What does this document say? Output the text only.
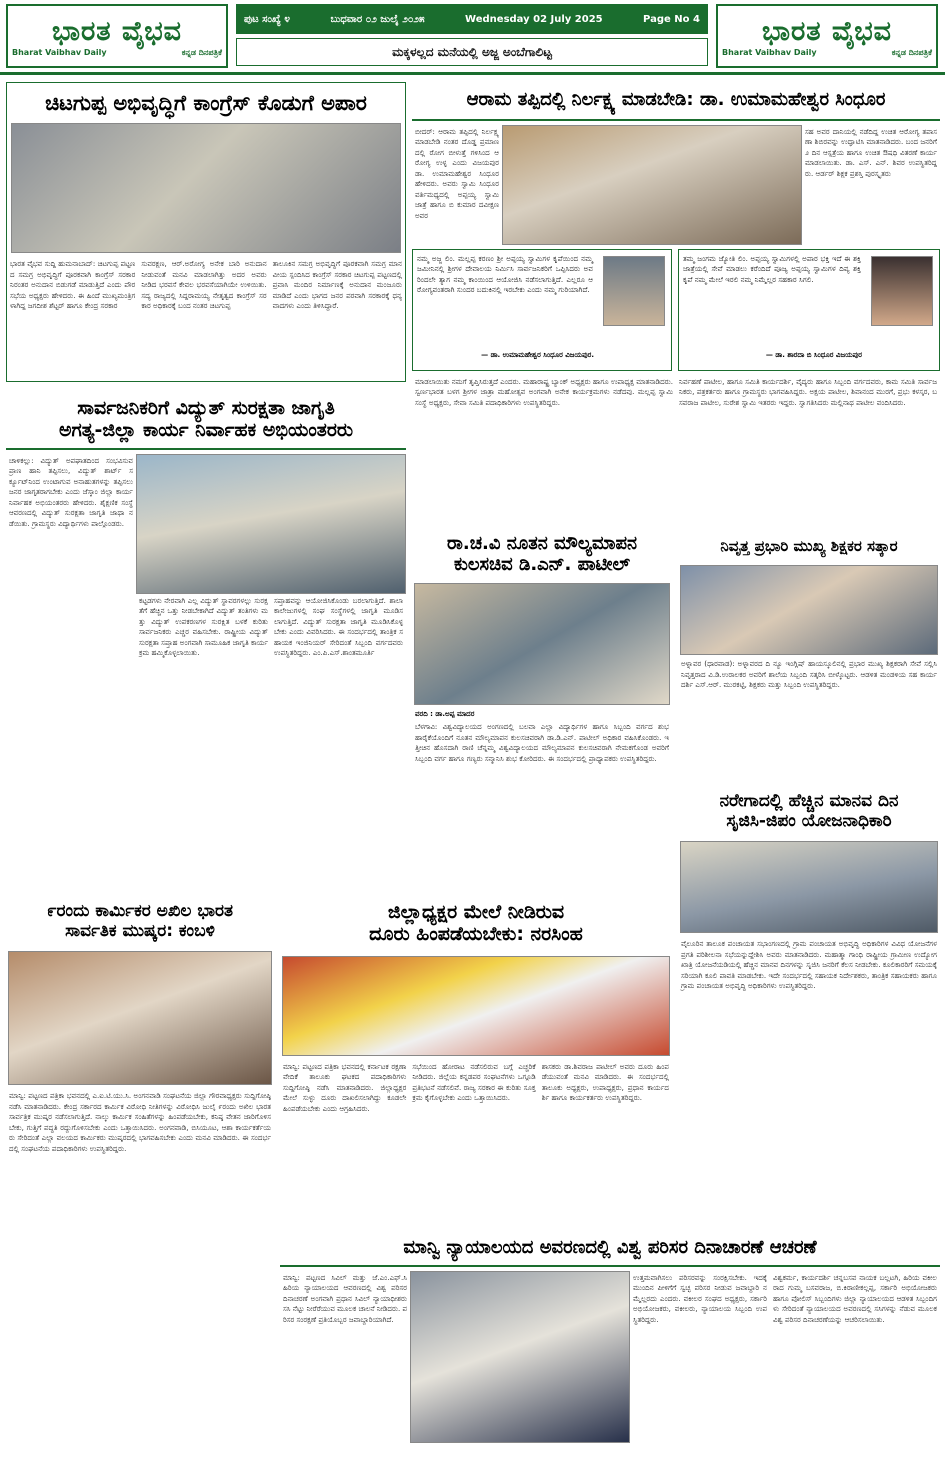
ಭಾರತ ವೈಭವ
Bharat Vaibhav Daily	ಕನ್ನಡ ದಿನಪತ್ರಿಕೆ
ಪುಟ ಸಂಖ್ಯೆ ೪	ಬುಧವಾರ ೦೨ ಜುಲೈ ೨೦೨೫	Wednesday 02 July 2025	Page No 4
ಮಕ್ಕಳಲ್ಲದ ಮನೆಯಲ್ಲಿ ಅಜ್ಜ ಅಂಬೆಗಾಲಿಟ್ಟ
ಭಾರತ ವೈಭವ
Bharat Vaibhav Daily	ಕನ್ನಡ ದಿನಪತ್ರಿಕೆ
ಚಿಟಗುಪ್ಪ ಅಭಿವೃದ್ಧಿಗೆ ಕಾಂಗ್ರೆಸ್ ಕೊಡುಗೆ ಅಪಾರ
ಭಾರತ ವೈಭವ ಸುದ್ದಿ ಹುಮನಾಬಾದ್: ಚಿಟಗುಪ್ಪ ಪಟ್ಟಣದ ಸಮಗ್ರ ಅಭಿವೃದ್ಧಿಗೆ ಪೂರಕವಾಗಿ ಕಾಂಗ್ರೆಸ್ ಸರಕಾರ ನಿರಂತರ ಅನುದಾನ ಬಿಡುಗಡೆ ಮಾಡುತ್ತಿದೆ ಎಂದು ಪೌರ ಸಭೆಯ ಅಧ್ಯಕ್ಷರು ಹೇಳಿದರು. ಈ ಹಿಂದೆ ಮುಖ್ಯಮಂತ್ರಿಗಳಾಗಿದ್ದ ಜಗದೀಶ ಶೆಟ್ಟರ್ ಹಾಗೂ ಕೇಂದ್ರ ಸರಕಾರ
ಸುವರಕ್ಷಣ, ಆರ್.ಅರೋಗ್ಯ ಅನೇಕ ಬಾರಿ ಅನುದಾನ ನೀಡುವಂತೆ ಮನವಿ ಮಾಡಲಾಗಿತ್ತು ಅದರ ಅವರು ನೀಡಿದ ಭರವಸೆ ಕೇವಲ ಭರವಸೆಯಾಗಿಯೇ ಉಳಿಯಿತು. ಸದ್ಯ ರಾಜ್ಯದಲ್ಲಿ ಸಿದ್ದರಾಮಯ್ಯ ನೇತೃತ್ವದ ಕಾಂಗ್ರೆಸ್ ಸರಕಾರ ಅಧಿಕಾರಕ್ಕೆ ಬಂದ ನಂತರ ಚಿಟಗುಪ್ಪ
ತಾಲೂಕಿನ ಸಮಗ್ರ ಅಭಿವೃದ್ಧಿಗೆ ಪೂರಕವಾಗಿ ಸಮಗ್ರ ಮಾನವೀಯ ಸ್ಪಂದಿಸಿದ ಕಾಂಗ್ರೆಸ್ ಸರಕಾರ ಚಿಟಗುಪ್ಪ ಪಟ್ಟಣದಲ್ಲಿ ಪ್ರವಾಸಿ ಮಂದಿರ ನಿರ್ಮಾಣಕ್ಕೆ ಅನುದಾನ ಮಂಜೂರು ಮಾಡಿದೆ ಎಂದು ಭಾಗದ ಜನರ ಪರವಾಗಿ ಸರಕಾರಕ್ಕೆ ಧನ್ಯವಾದಗಳು ಎಂದು ತಿಳಿಸಿದ್ದಾರೆ.
ಆರಾಮ ತಪ್ಪಿದಲ್ಲಿ ನಿರ್ಲಕ್ಷ್ಯ ಮಾಡಬೇಡಿ: ಡಾ. ಉಮಾಮಹೇಶ್ವರ ಸಿಂಧೂರ
ಬೀದರ್: ಆರಾಮ ತಪ್ಪಿದಲ್ಲಿ ನಿರ್ಲಕ್ಷ್ಯ ಮಾಡಬೇಡಿ ನಂತರ ದೊಡ್ಡ ಪ್ರಮಾಣದಲ್ಲಿ ರೋಗ ಬೀಳುತ್ತೆ ಗಳಿಸಿಂದ ಆರೋಗ್ಯ ಉಳ್ಳ ಎಂದು ವಿಜಯಪುರ ಡಾ. ಉಮಾಮಹೇಶ್ವರ ಸಿಂಧೂರ ಹೇಳಿದರು. ಅವರು ಸ್ವಾಮಿ ಸಿಂಧೂರ ವರ್ತಿಮಧ್ಯದಲ್ಲಿ ಅಪ್ಪಯ್ಯ ಸ್ವಾಮಿ ಜಾತ್ರೆ ಹಾಗೂ ಬಿ ಕುಮಾರ ದವೀಕ್ಷಣ ಅವರ
ಸಹ ಅವರ ದಾನಿಯಲ್ಲಿ ನಡೆದಿದ್ದ ಉಚಿತ ಆರೋಗ್ಯ ತಪಾಸಣಾ ಶಿಬಿರವನ್ನು ಉದ್ಘಾಟಿಸಿ ಮಾತನಾಡಿದರು. ಬಂದ ಜನರಿಗೆ ೨ ದಿನ ಆಸ್ಪತ್ರೆಯ ಹಾಗೂ ಉಚಿತ ಔಷಧಿ ವಿತರಣೆ ಕಾರ್ಯ ಮಾಡಲಾಯಿತು. ಡಾ. ಎಸ್. ಎನ್. ಶಿವರ ಉಪಸ್ಥಿತರಿದ್ದರು. ಆರ್ಡರ್ ಶಿಕ್ಷಕ ಪ್ರಶಸ್ತಿ ಪುರಸ್ಕೃತರು
ನಮ್ಮ ಅಜ್ಜ ಲಿಂ. ಮಲ್ಲಪ್ಪ ಕರಣಂ ಶ್ರೀ ಅಪ್ಪಯ್ಯ ಸ್ವಾಮಿಗಳ ಕೃಪೆಯಿಂದ ನಮ್ಮ ಜಮೀನಿನಲ್ಲಿ ಶ್ರೀಗಳ ದೇವಾಲಯ ನಿರ್ಮಿಸಿ ಸಾರ್ವಜನಿಕರಿಗೆ ಒಪ್ಪಿಸಿದರು ಅವರಿಂದಲೇ ತ್ಯಾಗ ನಮ್ಮ ಕಾಂಯಿಂದ ಆಯೋಜಿಸಿ ನಡೆಸಲಾಗುತ್ತಿದೆ. ಎಲ್ಲರೂ ಆರೋಗ್ಯವಂತರಾಗಿ ಸುಂದರ ಬದುಕಿನಲ್ಲಿ ಇರಬೇಕು ಎಂದು ನಮ್ಮ ಗುರಿಯಾಗಿದೆ.
— ಡಾ. ಉಮಾಮಹೇಶ್ವರ ಸಿಂಧೂರ ವಿಜಯಪುರ.
ತಮ್ಮ ಜಂಗಮ ಜ್ಯೋತಿ ಲಿಂ. ಅಪ್ಪಯ್ಯ ಸ್ವಾಮಿಗಳಲ್ಲಿ ಅಪಾರ ಭಕ್ತಿ ಇದೆ ಈ ಶಕ್ತಿ ಜಾತ್ರೆಯಲ್ಲಿ ಸೇವೆ ಮಾಡಲು ಕರೆಂದಿದೆ ಪೂಜ್ಯ ಅಪ್ಪಯ್ಯ ಸ್ವಾಮಿಗಳ ದಿವ್ಯ ಶಕ್ತಿ ಕೃಪೆ ನಮ್ಮ ಮೇಲೆ ಇರಲಿ ನಮ್ಮ ನಿಮ್ಮೆಲ್ಲರ ಸಹಕಾರ ಸಿಗಲಿ.
— ಡಾ. ಶಾರದಾ ಬಿ ಸಿಂಧೂರ ವಿಜಯಪುರ
ಮಾಡಲಾಯಿತು ನಮಗೆ ತೃಪ್ತಿಸಿರುತ್ತದೆ ಎಂದರು. ಮಹಾರಾಷ್ಟ್ರ ಬ್ಯಾಂಕ್ ಅಧ್ಯಕ್ಷರು ಹಾಗೂ ಉಪಾಧ್ಯಕ್ಷ ಮಾತನಾಡಿದರು. ಸ್ವರ್ಣಭಾರತ ಬಳಗ ಶ್ರೀಗಳ ಜಾತ್ರಾ ಮಹೋತ್ಸವ ಅಂಗವಾಗಿ ಅನೇಕ ಕಾರ್ಯಕ್ರಮಗಳು ನಡೆದವು. ಮಲ್ಲಪ್ಪ ಸ್ವಾಮಿ ಸಂಸ್ಥೆ ಅಧ್ಯಕ್ಷರು, ಸೇವಾ ಸಮಿತಿ ಪದಾಧಿಕಾರಿಗಳು ಉಪಸ್ಥಿತರಿದ್ದರು.
ನಿರ್ವಹಣೆ ಪಾಟೀಲ, ಹಾಗೂ ಸಮಿತಿ ಕಾರ್ಯದರ್ಶಿ, ವೈದ್ಯರು ಹಾಗೂ ಸಿಬ್ಬಂದಿ ವರ್ಗದವರು, ಕಾಮ ಸಮಿತಿ ಸಾರ್ವಜನಿಕರು, ಪತ್ರಕರ್ತರು ಹಾಗೂ ಗ್ರಾಮಸ್ಥರು ಭಾಗವಹಿಸಿದ್ದರು. ಅಕ್ಷಯ ಪಾಟೀಲ, ಶಿವಾನಂದ ಮುರಗೆ, ಪ್ರಭು ಕಳಸ್ಕರ, ಬಸವರಾಜ ಪಾಟೀಲ, ಸುರೇಶ ಸ್ವಾಮಿ ಇತರರು ಇದ್ದರು. ಸ್ವಾಗತಿಸಿದರು ಮಲ್ಲಿನಾಥ ಪಾಟೀಲ ವಂದಿಸಿದರು.
ಸಾರ್ವಜನಿಕರಿಗೆ ವಿದ್ಯುತ್ ಸುರಕ್ಷತಾ ಜಾಗೃತಿ
ಅಗತ್ಯ-ಜಿಲ್ಲಾ ಕಾರ್ಯ ನಿರ್ವಾಹಕ ಅಭಿಯಂತರರು
ಚಾಳಿಕಲ್ಲು: ವಿದ್ಯುತ್ ಅಪಘಾತದಿಂದ ಸಂಭವಿಸುವ ಪ್ರಾಣ ಹಾನಿ ತಪ್ಪಿಸಲು, ವಿದ್ಯುತ್ ಶಾರ್ಟ್ ಸರ್ಕ್ಯೂಟ್‌ನಿಂದ ಉಂಟಾಗುವ ಅನಾಹುತಗಳನ್ನು ತಪ್ಪಿಸಲು ಜನರ ಜಾಗೃತರಾಗಬೇಕು ಎಂದು ಜೆಸ್ಕಾಂ ಜಿಲ್ಲಾ ಕಾರ್ಯ ನಿರ್ವಾಹಕ ಅಭಿಯಂತರರು ಹೇಳಿದರು. ಶೈಕ್ಷಣಿಕ ಸಂಸ್ಥೆ ಆವರಣದಲ್ಲಿ ವಿದ್ಯುತ್ ಸುರಕ್ಷತಾ ಜಾಗೃತಿ ಜಾಥಾ ನಡೆಯಿತು. ಗ್ರಾಮಸ್ಥರು ವಿದ್ಯಾರ್ಥಿಗಳು ಪಾಲ್ಗೊಂಡರು.
ಕಟ್ಟಡಗಳು ನೇರವಾಗಿ ಎಲ್ಲ ವಿದ್ಯುತ್ ಸ್ಥಾವರಗಳಲ್ಲು ಸುರಕ್ಷತೆಗೆ ಹೆಚ್ಚಿನ ಒತ್ತು ನೀಡಬೇಕಾಗಿದೆ ವಿದ್ಯುತ್ ತಂತಿಗಳು ಮತ್ತು ವಿದ್ಯುತ್ ಉಪಕರಣಗಳ ಸುರಕ್ಷಿತ ಬಳಕೆ ಕುರಿತು ಸಾರ್ವಜನಿಕರು ಎಚ್ಚರ ವಹಿಸಬೇಕು. ರಾಷ್ಟ್ರೀಯ ವಿದ್ಯುತ್ ಸುರಕ್ಷತಾ ಸಪ್ತಾಹ ಅಂಗವಾಗಿ ಸಾಮೂಹಿಕ ಜಾಗೃತಿ ಕಾರ್ಯಕ್ರಮ ಹಮ್ಮಿಕೊಳ್ಳಲಾಯಿತು.
ಸಪ್ತಾಹವನ್ನು ಆಯೋಜಿಸಿಕೊಂಡು ಬರಲಾಗುತ್ತಿದೆ. ಶಾಲಾ ಕಾಲೇಜುಗಳಲ್ಲಿ ಸಂಘ ಸಂಸ್ಥೆಗಳಲ್ಲಿ ಜಾಗೃತಿ ಮೂಡಿಸಲಾಗುತ್ತಿದೆ. ವಿದ್ಯುತ್ ಸುರಕ್ಷತಾ ಜಾಗೃತಿ ಮೂಡಿಸಿಕೊಳ್ಳಬೇಕು ಎಂದು ವಿವರಿಸಿದರು. ಈ ಸಂದರ್ಭದಲ್ಲಿ ತಾಂತ್ರಿಕ ಸಹಾಯಕ ಇಂಜಿನಿಯರ್ ಸೇರಿದಂತೆ ಸಿಬ್ಬಂದಿ ವರ್ಗದವರು ಉಪಸ್ಥಿತರಿದ್ದರು. ಎಂ.ಪಿ.ಎಸ್.ಶಾಂತಮೂರ್ತಿ
ರಾ.ಚ.ವಿ ನೂತನ ಮೌಲ್ಯಮಾಪನ
ಕುಲಸಚಿವ ಡಿ.ಎನ್. ಪಾಟೀಲ್
ವರದಿ : ಡಾ.ಅಪ್ಪ ಮಾದರ
ಬೆಳಗಾವಿ: ವಿಶ್ವವಿದ್ಯಾಲಯದ ಅಂಗಣದಲ್ಲಿ ಬಲವಾ ಎಲ್ಲಾ ವಿದ್ಯಾರ್ಥಿಗಳ ಹಾಗೂ ಸಿಬ್ಬಂದಿ ವರ್ಗದ ಶುಭ ಹಾರೈಕೆಯೊಂದಿಗೆ ನೂತನ ಮೌಲ್ಯಮಾಪನ ಕುಲಸಚಿವರಾಗಿ ಡಾ.ಡಿ.ಎನ್. ಪಾಟೀಲ್ ಅಧಿಕಾರ ವಹಿಸಿಕೊಂಡರು. ಇತ್ತೀಚಿನ ಹೊಸದಾಗಿ ರಾಣಿ ಚೆನ್ನಮ್ಮ ವಿಶ್ವವಿದ್ಯಾಲಯದ ಮೌಲ್ಯಮಾಪನ ಕುಲಸಚಿವರಾಗಿ ನೇಮಕಗೊಂಡ ಅವರಿಗೆ ಸಿಬ್ಬಂದಿ ವರ್ಗ ಹಾಗೂ ಗಣ್ಯರು ಸನ್ಮಾನಿಸಿ ಶುಭ ಕೋರಿದರು. ಈ ಸಂದರ್ಭದಲ್ಲಿ ಪ್ರಾಧ್ಯಾಪಕರು ಉಪಸ್ಥಿತರಿದ್ದರು.
ನಿವೃತ್ತ ಪ್ರಭಾರಿ ಮುಖ್ಯ ಶಿಕ್ಷಕರ ಸತ್ಕಾರ
ಅಳ್ನಾವರ (ಧಾರವಾಡ): ಅಳ್ನಾವರದ ದಿ ನ್ಯೂ ಇಂಗ್ಲಿಷ್ ಹಾಯಸ್ಕೂಲಿನಲ್ಲಿ ಪ್ರಭಾರ ಮುಖ್ಯ ಶಿಕ್ಷಕರಾಗಿ ಸೇವೆ ಸಲ್ಲಿಸಿ ನಿವೃತ್ತರಾದ ವಿ.ಡಿ.ಉರಾಲಕರ ಅವರಿಗೆ ಶಾಲೆಯ ಸಿಬ್ಬಂದಿ ಸತ್ಕರಿಸಿ ಬೀಳ್ಕೊಟ್ಟರು. ಆಡಳಿತ ಮಂಡಳಿಯ ಸಹ ಕಾರ್ಯದರ್ಶಿ ಎಸ್.ಆರ್. ಮುರಕಟ್ಟಿ, ಶಿಕ್ಷಕರು ಮತ್ತು ಸಿಬ್ಬಂದಿ ಉಪಸ್ಥಿತರಿದ್ದರು.
ನರೇಗಾದಲ್ಲಿ ಹೆಚ್ಚಿನ ಮಾನವ ದಿನ
ಸೃಜಿಸಿ-ಜಿಪಂ ಯೋಜನಾಧಿಕಾರಿ
ವೈಲೂರಿನ ತಾಲೂಕ ಪಂಚಾಯತ ಸಭಾಂಗಣದಲ್ಲಿ ಗ್ರಾಮ ಪಂಚಾಯತ ಅಭಿವೃದ್ಧಿ ಅಧಿಕಾರಿಗಳ ವಿವಿಧ ಯೋಜನೆಗಳ ಪ್ರಗತಿ ಪರಿಶೀಲನಾ ಸಭೆಯನ್ನುದ್ದೇಶಿಸಿ ಅವರು ಮಾತನಾಡಿದರು. ಮಹಾತ್ಮಾ ಗಾಂಧಿ ರಾಷ್ಟ್ರೀಯ ಗ್ರಾಮೀಣ ಉದ್ಯೋಗ ಖಾತ್ರಿ ಯೋಜನೆಯಡಿಯಲ್ಲಿ ಹೆಚ್ಚಿನ ಮಾನವ ದಿನಗಳನ್ನು ಸೃಜಿಸಿ ಜನರಿಗೆ ಕೆಲಸ ನೀಡಬೇಕು. ಕೂಲಿಕಾರರಿಗೆ ಸಮಯಕ್ಕೆ ಸರಿಯಾಗಿ ಕೂಲಿ ಪಾವತಿ ಮಾಡಬೇಕು. ಇದೇ ಸಂದರ್ಭದಲ್ಲಿ ಸಹಾಯಕ ನಿರ್ದೇಶಕರು, ತಾಂತ್ರಿಕ ಸಹಾಯಕರು ಹಾಗೂ ಗ್ರಾಮ ಪಂಚಾಯತ ಅಭಿವೃದ್ಧಿ ಅಧಿಕಾರಿಗಳು ಉಪಸ್ಥಿತರಿದ್ದರು.
೯ರಂದು ಕಾರ್ಮಿಕರ ಅಖಿಲ ಭಾರತ
ಸಾರ್ವತಿಕ ಮುಷ್ಕರ: ಕಂಬಳಿ
ಮಾನ್ವಿ: ಪಟ್ಟಣದ ಪತ್ರಿಕಾ ಭವನದಲ್ಲಿ ಎ.ಐ.ಟಿ.ಯು.ಸಿ. ಅಂಗನವಾಡಿ ಸಂಘಟನೆಯ ಜಿಲ್ಲಾ ಗೌರವಾಧ್ಯಕ್ಷರು ಸುದ್ದಿಗೋಷ್ಠಿ ನಡೆಸಿ ಮಾತನಾಡಿದರು. ಕೇಂದ್ರ ಸರ್ಕಾರದ ಕಾರ್ಮಿಕ ವಿರೋಧಿ ನೀತಿಗಳನ್ನು ವಿರೋಧಿಸಿ ಜುಲೈ ೯ರಂದು ಅಖಿಲ ಭಾರತ ಸಾರ್ವತ್ರಿಕ ಮುಷ್ಕರ ನಡೆಸಲಾಗುತ್ತಿದೆ. ನಾಲ್ಕು ಕಾರ್ಮಿಕ ಸಂಹಿತೆಗಳನ್ನು ಹಿಂಪಡೆಯಬೇಕು, ಕನಿಷ್ಠ ವೇತನ ಜಾರಿಗೊಳಿಸಬೇಕು, ಗುತ್ತಿಗೆ ಪದ್ಧತಿ ರದ್ದುಗೊಳಿಸಬೇಕು ಎಂದು ಒತ್ತಾಯಿಸಿದರು. ಅಂಗನವಾಡಿ, ಬಿಸಿಯೂಟ, ಆಶಾ ಕಾರ್ಯಕರ್ತೆಯರು ಸೇರಿದಂತೆ ಎಲ್ಲಾ ವಲಯದ ಕಾರ್ಮಿಕರು ಮುಷ್ಕರದಲ್ಲಿ ಭಾಗವಹಿಸಬೇಕು ಎಂದು ಮನವಿ ಮಾಡಿದರು. ಈ ಸಂದರ್ಭದಲ್ಲಿ ಸಂಘಟನೆಯ ಪದಾಧಿಕಾರಿಗಳು ಉಪಸ್ಥಿತರಿದ್ದರು.
ಜಿಲ್ಲಾಧ್ಯಕ್ಷರ ಮೇಲೆ ನೀಡಿರುವ
ದೂರು ಹಿಂಪಡೆಯಬೇಕು: ನರಸಿಂಹ
ಮಾನ್ವಿ: ಪಟ್ಟಣದ ಪತ್ರಿಕಾ ಭವನದಲ್ಲಿ ಕರ್ನಾಟಕ ರಕ್ಷಣಾ ವೇದಿಕೆ ತಾಲೂಕು ಘಟಕದ ಪದಾಧಿಕಾರಿಗಳು ಸುದ್ದಿಗೋಷ್ಠಿ ನಡೆಸಿ ಮಾತನಾಡಿದರು. ಜಿಲ್ಲಾಧ್ಯಕ್ಷರ ಮೇಲೆ ಸುಳ್ಳು ದೂರು ದಾಖಲಿಸಲಾಗಿದ್ದು ಕೂಡಲೇ ಹಿಂಪಡೆಯಬೇಕು ಎಂದು ಆಗ್ರಹಿಸಿದರು.
ಸಭೆಯಿಂದ ಹೋರಾಟ ನಡೆಸಲಿರುವ ಬಗ್ಗೆ ಎಚ್ಚರಿಕೆ ನೀಡಿದರು. ಜಿಲ್ಲೆಯ ಕನ್ನಡಪರ ಸಂಘಟನೆಗಳು ಒಗ್ಗೂಡಿ ಪ್ರತಿಭಟನೆ ನಡೆಸಲಿವೆ. ರಾಜ್ಯ ಸರಕಾರ ಈ ಕುರಿತು ಸೂಕ್ತ ಕ್ರಮ ಕೈಗೊಳ್ಳಬೇಕು ಎಂದು ಒತ್ತಾಯಿಸಿದರು.
ಶಾಸಕರು ಡಾ.ಶಿವರಾಜ ಪಾಟೀಲ್ ಅವರು ದೂರು ಹಿಂಪಡೆಯುವಂತೆ ಮನವಿ ಮಾಡಿದರು. ಈ ಸಂದರ್ಭದಲ್ಲಿ ತಾಲೂಕು ಅಧ್ಯಕ್ಷರು, ಉಪಾಧ್ಯಕ್ಷರು, ಪ್ರಧಾನ ಕಾರ್ಯದರ್ಶಿ ಹಾಗೂ ಕಾರ್ಯಕರ್ತರು ಉಪಸ್ಥಿತರಿದ್ದರು.
ಮಾನ್ವಿ ನ್ಯಾಯಾಲಯದ ಅವರಣದಲ್ಲಿ ವಿಶ್ವ ಪರಿಸರ ದಿನಾಚಾರಣೆ ಆಚರಣೆ
ಮಾನ್ವಿ: ಪಟ್ಟಣದ ಸಿವಿಲ್ ಮತ್ತು ಜೆ.ಎಂ.ಎಫ್.ಸಿ ಹಿರಿಯ ನ್ಯಾಯಾಲಯದ ಆವರಣದಲ್ಲಿ ವಿಶ್ವ ಪರಿಸರ ದಿನಾಚರಣೆ ಅಂಗವಾಗಿ ಪ್ರಧಾನ ಸಿವಿಲ್ ನ್ಯಾಯಾಧೀಶರು ಸಸಿ ನೆಟ್ಟು ನೀರೆರೆಯುವ ಮೂಲಕ ಚಾಲನೆ ನೀಡಿದರು. ಪರಿಸರ ಸಂರಕ್ಷಣೆ ಪ್ರತಿಯೊಬ್ಬರ ಜವಾಬ್ದಾರಿಯಾಗಿದೆ.
ಉತ್ತಮವಾಗಿಸಲು ಪರಿಸರವನ್ನು ಸಂರಕ್ಷಿಸಬೇಕು. ಇದಕ್ಕೆ ಮುಂದಿನ ಪೀಳಿಗೆಗೆ ಸ್ವಚ್ಛ ಪರಿಸರ ನೀಡುವ ಜವಾಬ್ದಾರಿ ನಮ್ಮೆಲ್ಲರದು ಎಂದರು. ವಕೀಲರ ಸಂಘದ ಅಧ್ಯಕ್ಷರು, ಸರ್ಕಾರಿ ಅಭಿಯೋಜಕರು, ವಕೀಲರು, ನ್ಯಾಯಾಲಯ ಸಿಬ್ಬಂದಿ ಉಪಸ್ಥಿತರಿದ್ದರು.
ವಿಶ್ವಕರ್ಮ, ಕಾರ್ಯದರ್ಶಿ ಚನ್ನಬಸವ ನಾಯಕ ಬಲ್ಲಟಗಿ, ಹಿರಿಯ ವಕೀಲರಾದ ಗುಮ್ಮ ಬಸವರಾಜ, ಬಿ.ಕಿರಾಣೀಕಲ್ಲಪ್ಪ, ಸರ್ಕಾರಿ ಅಭಿಯೋಜಕರು ಹಾಗೂ ಪೋಲಿಸ್ ಸಿಬ್ಬಂದಿಗಳು ಜಿಲ್ಲಾ ನ್ಯಾಯಾಲಯದ ಆಡಳಿತ ಸಿಬ್ಬಂದಿಗಳು ಸೇರಿದಂತೆ ನ್ಯಾಯಾಲಯದ ಅವರಣದಲ್ಲಿ ಸಸಿಗಳನ್ನು ನೆಡುವ ಮೂಲಕ ವಿಶ್ವ ಪರಿಸರ ದಿನಾಚರಣೆಯನ್ನು ಆಚರಿಸಲಾಯಿತು.
